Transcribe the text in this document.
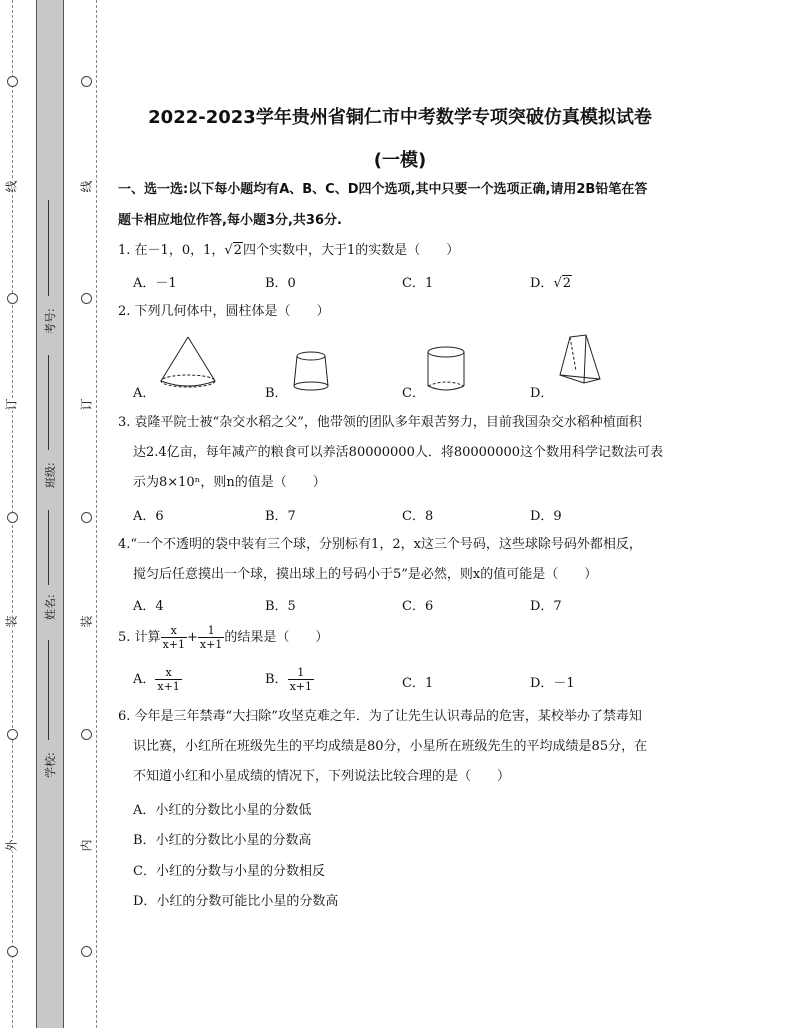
线
订
装
外
线
订
装
内
考号:
班级:
姓名:
学校:
2022-2023学年贵州省铜仁市中考数学专项突破仿真模拟试卷
(一模)
一、选一选:以下每小题均有A、B、C、D四个选项,其中只要一个选项正确,请用2B铅笔在答
题卡相应地位作答,每小题3分,共36分.
1. 在－1，0，1，√2四个实数中，大于1的实数是（　　）
A．－1	B．0	C．1	D．√2
2. 下列几何体中，圆柱体是（　　）
A．	B．	C．	D．
3. 袁隆平院士被“杂交水稻之父”，他带领的团队多年艰苦努力，目前我国杂交水稻种植面积
达2.4亿亩，每年减产的粮食可以养活80000000人．将80000000这个数用科学记数法可表
示为8×10ⁿ，则n的值是（　　）
A．6	B．7	C．8	D．9
4.“一个不透明的袋中装有三个球，分别标有1，2，x这三个号码，这些球除号码外都相反，
搅匀后任意摸出一个球，摸出球上的号码小于5”是必然，则x的值可能是（　　）
A．4	B．5	C．6	D．7
5. 计算 $\frac{x}{x+1} + \frac{1}{x+1}$ 的结果是（　　）
A． $\frac{x}{x+1}$	B． $\frac{1}{x+1}$	C．1	D．－1
6. 今年是三年禁毒“大扫除”攻坚克难之年．为了让先生认识毒品的危害，某校举办了禁毒知
识比赛，小红所在班级先生的平均成绩是80分，小星所在班级先生的平均成绩是85分，在
不知道小红和小星成绩的情况下，下列说法比较合理的是（　　）
A．小红的分数比小星的分数低
B．小红的分数比小星的分数高
C．小红的分数与小星的分数相反
D．小红的分数可能比小星的分数高
